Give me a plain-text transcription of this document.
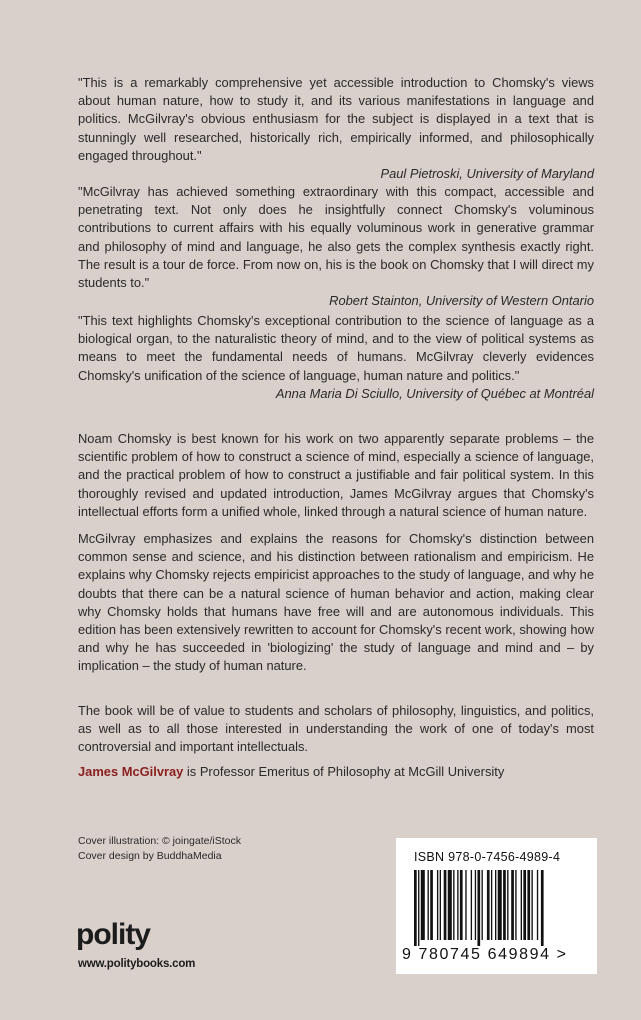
"This is a remarkably comprehensive yet accessible introduction to Chomsky's views about human nature, how to study it, and its various manifestations in language and politics. McGilvray's obvious enthusiasm for the subject is displayed in a text that is stunningly well researched, historically rich, empirically informed, and philosophically engaged throughout."

Paul Pietroski, University of Maryland

"McGilvray has achieved something extraordinary with this compact, accessible and penetrating text. Not only does he insightfully connect Chomsky's voluminous contributions to current affairs with his equally voluminous work in generative grammar and philosophy of mind and language, he also gets the complex synthesis exactly right. The result is a tour de force. From now on, his is the book on Chomsky that I will direct my students to."

Robert Stainton, University of Western Ontario

"This text highlights Chomsky's exceptional contribution to the science of language as a biological organ, to the naturalistic theory of mind, and to the view of political systems as means to meet the fundamental needs of humans. McGilvray cleverly evidences Chomsky's unification of the science of language, human nature and politics."

Anna Maria Di Sciullo, University of Québec at Montréal

Noam Chomsky is best known for his work on two apparently separate problems – the scientific problem of how to construct a science of mind, especially a science of language, and the practical problem of how to construct a justifiable and fair political system. In this thoroughly revised and updated introduction, James McGilvray argues that Chomsky's intellectual efforts form a unified whole, linked through a natural science of human nature.

McGilvray emphasizes and explains the reasons for Chomsky's distinction between common sense and science, and his distinction between rationalism and empiricism. He explains why Chomsky rejects empiricist approaches to the study of language, and why he doubts that there can be a natural science of human behavior and action, making clear why Chomsky holds that humans have free will and are autonomous individuals. This edition has been extensively rewritten to account for Chomsky's recent work, showing how and why he has succeeded in 'biologizing' the study of language and mind and – by implication – the study of human nature.

The book will be of value to students and scholars of philosophy, linguistics, and politics, as well as to all those interested in understanding the work of one of today's most controversial and important intellectuals.

James McGilvray is Professor Emeritus of Philosophy at McGill University

Cover illustration: © joingate/iStock
Cover design by BuddhaMedia
polity
www.politybooks.com
ISBN 978-0-7456-4989-4
9 780745 649894 >
